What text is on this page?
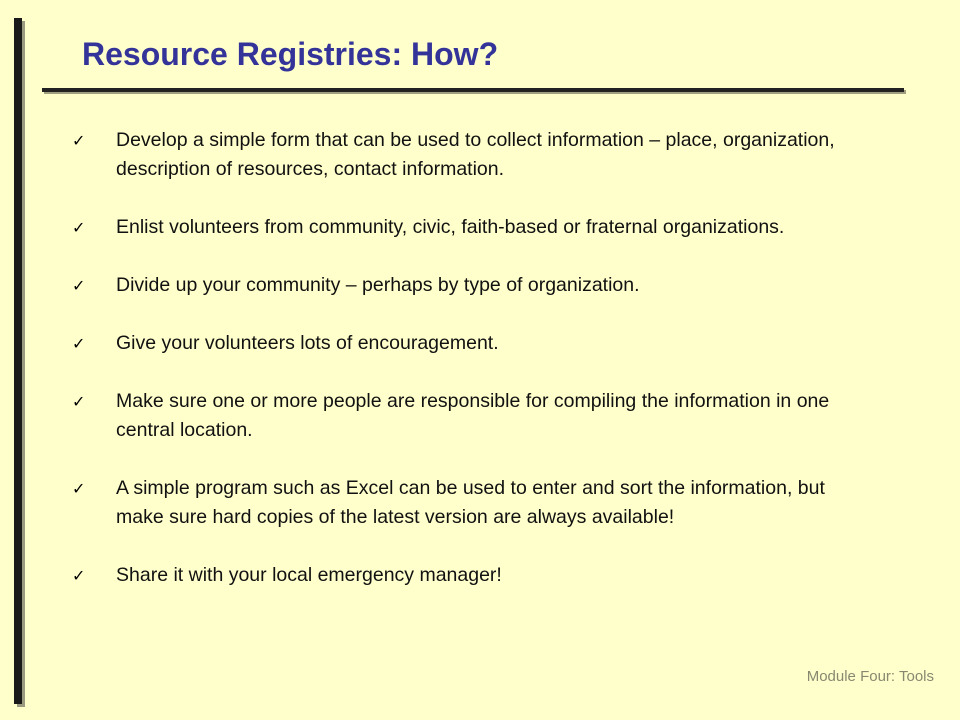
Resource Registries: How?
✓	Develop a simple form that can be used to collect information – place, organization, description of resources, contact information.
✓	Enlist volunteers from community, civic, faith-based or fraternal organizations.
✓	Divide up your community – perhaps by type of organization.
✓	Give your volunteers lots of encouragement.
✓	Make sure one or more people are responsible for compiling the information in one central location.
✓	A simple program such as Excel can be used to enter and sort the information, but make sure hard copies of the latest version are always available!
✓	Share it with your local emergency manager!
Module Four: Tools
